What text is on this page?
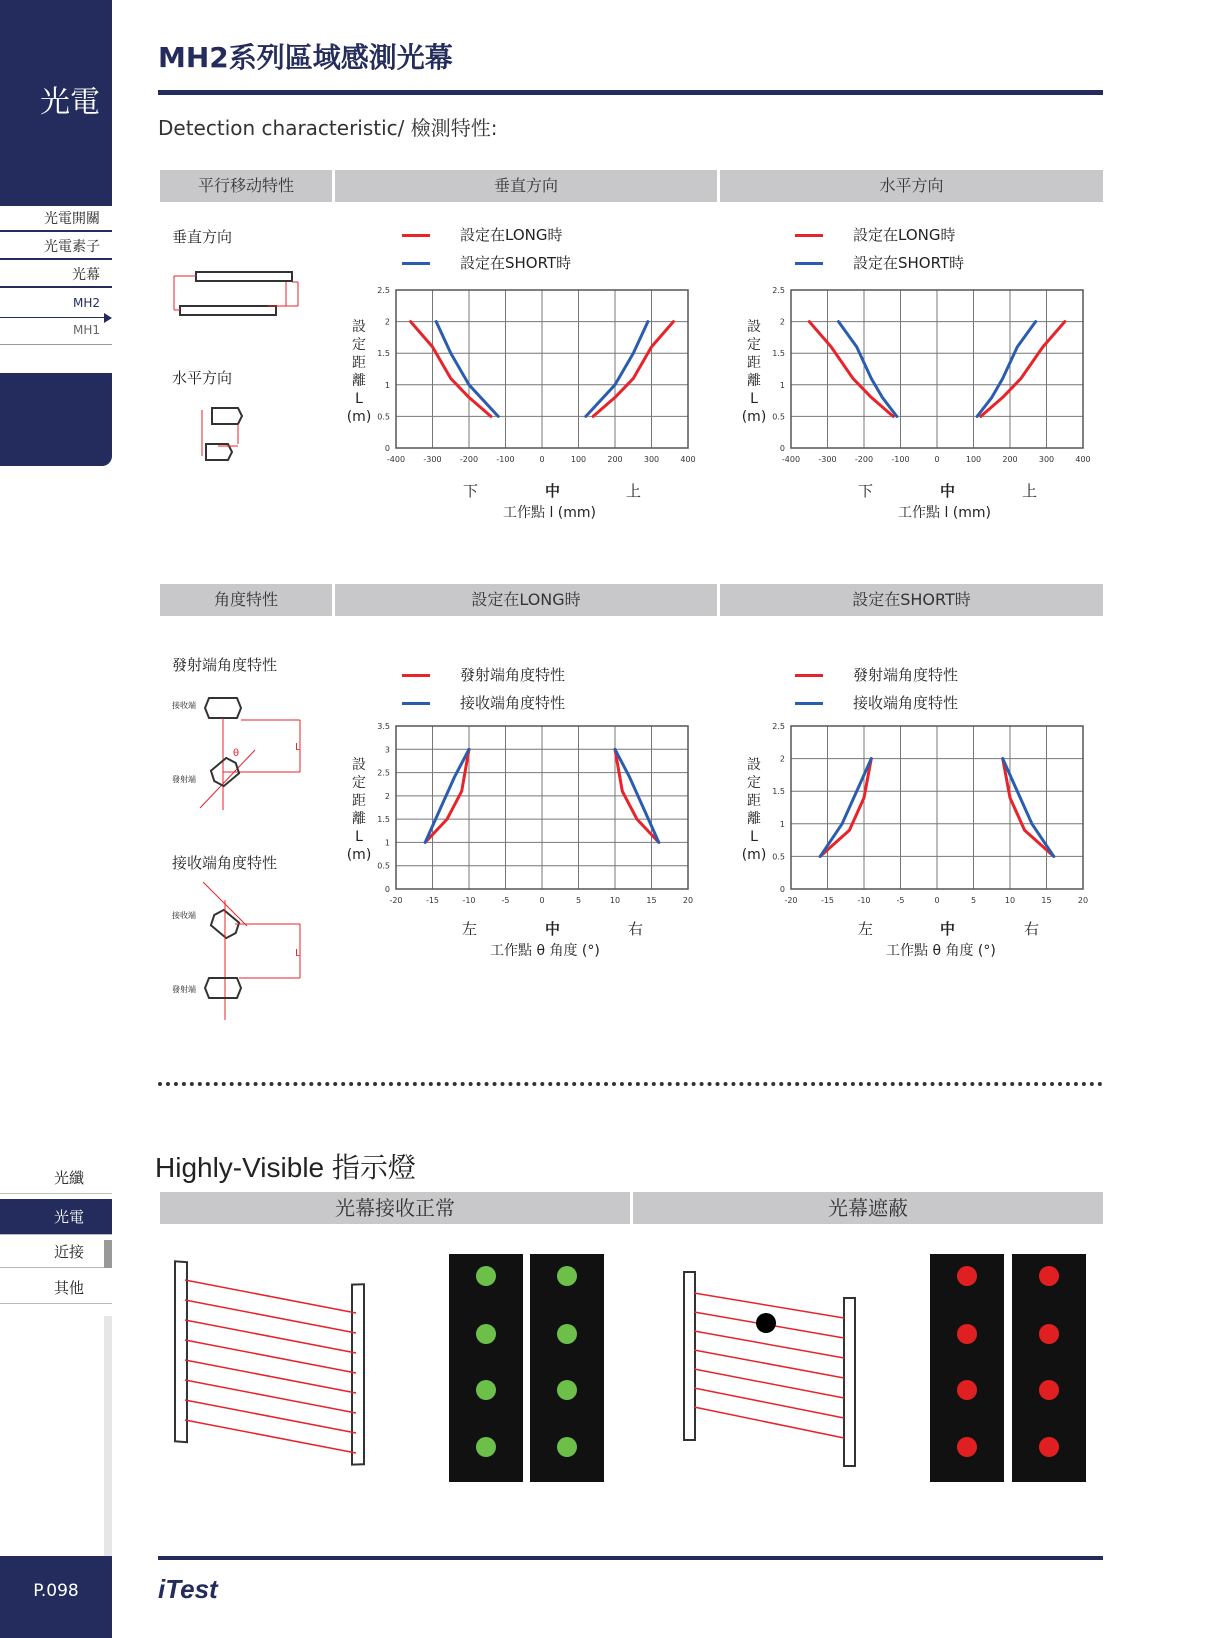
光電
光電開關
光電素子
光幕
MH2
MH1
光纖
光電
近接
其他
P.098
MH2系列區域感測光幕
Detection characteristic/ 檢測特性:
平行移动特性	垂直方向	水平方向
垂直方向
水平方向
設定在LONG時
設定在SHORT時
設定在LONG時
設定在SHORT時
設
定
距
離
L
(m)
設
定
距
離
L
(m)
-400 -300 -200 -100	0	100	200	300	400
0
0.5
1
1.5
2
2.5
-400 -300 -200 -100	0	100	200	300	400
0
0.5
1
1.5
2
2.5
下	中	上
工作點 l (mm)
下	中	上
工作點 l (mm)
角度特性	設定在LONG時	設定在SHORT時
發射端角度特性
接收端
發射端
θ
L
接收端角度特性
接收端
發射端
L
發射端角度特性
接收端角度特性
發射端角度特性
接收端角度特性
設
定
距
離
L
(m)
設
定
距
離
L
(m)
-20	-15	-10	-5	0	5	10	15	20
0
0.5
1
1.5
2
2.5
3
3.5
-20	-15	-10	-5	0	5	10	15	20
0
0.5
1
1.5
2
2.5
左	中	右
工作點 θ 角度 (°)
左	中	右
工作點 θ 角度 (°)
Highly-Visible 指示燈
光幕接收正常	光幕遮蔽
iTest
